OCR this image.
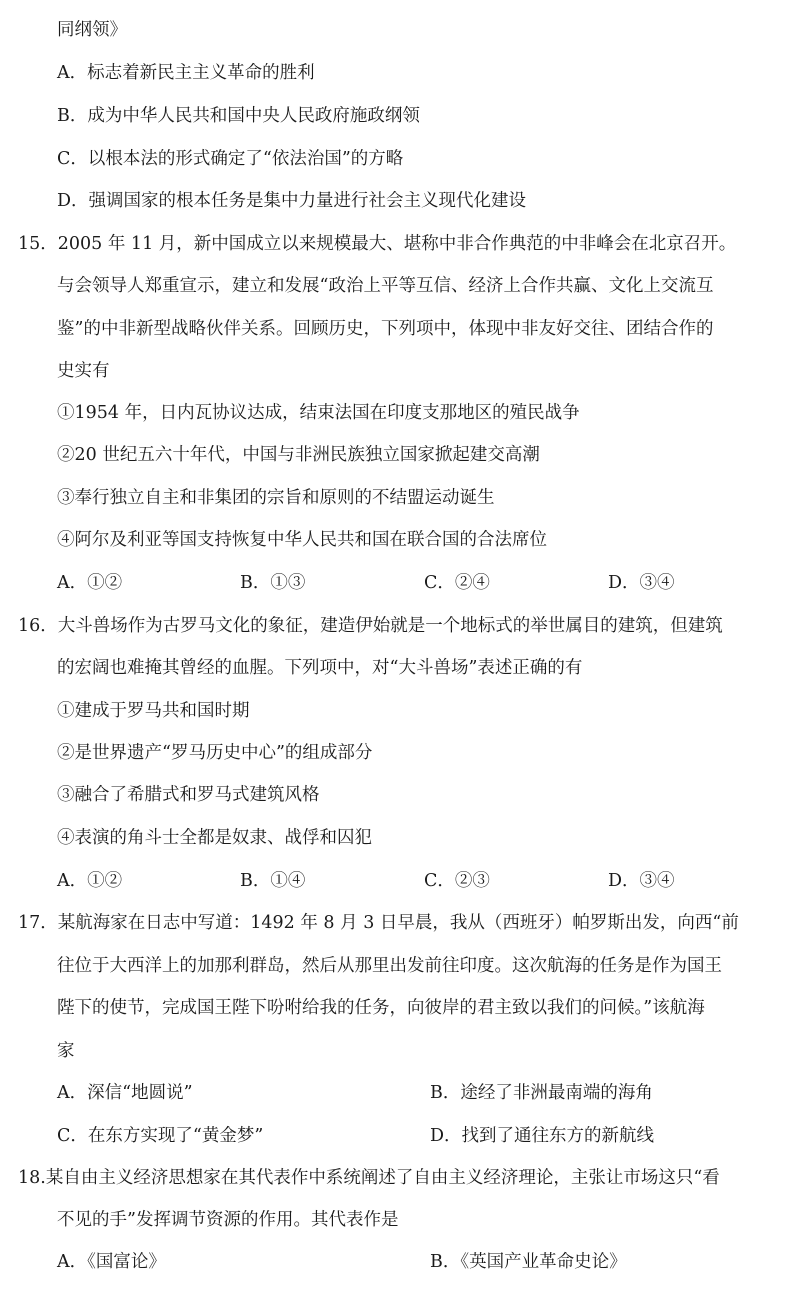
同纲领》
A．标志着新民主主义革命的胜利
B．成为中华人民共和国中央人民政府施政纲领
C．以根本法的形式确定了“依法治国”的方略
D．强调国家的根本任务是集中力量进行社会主义现代化建设
15．2005 年 11 月，新中国成立以来规模最大、堪称中非合作典范的中非峰会在北京召开。
与会领导人郑重宣示，建立和发展“政治上平等互信、经济上合作共赢、文化上交流互
鉴”的中非新型战略伙伴关系。回顾历史，下列项中，体现中非友好交往、团结合作的
史实有
①1954 年，日内瓦协议达成，结束法国在印度支那地区的殖民战争
②20 世纪五六十年代，中国与非洲民族独立国家掀起建交高潮
③奉行独立自主和非集团的宗旨和原则的不结盟运动诞生
④阿尔及利亚等国支持恢复中华人民共和国在联合国的合法席位
A．①②	B．①③	C．②④	D．③④
16．大斗兽场作为古罗马文化的象征，建造伊始就是一个地标式的举世属目的建筑，但建筑
的宏阔也难掩其曾经的血腥。下列项中，对“大斗兽场”表述正确的有
①建成于罗马共和国时期
②是世界遗产“罗马历史中心”的组成部分
③融合了希腊式和罗马式建筑风格
④表演的角斗士全都是奴隶、战俘和囚犯
A．①②	B．①④	C．②③	D．③④
17．某航海家在日志中写道：1492 年 8 月 3 日早晨，我从（西班牙）帕罗斯出发，向西“前
往位于大西洋上的加那利群岛，然后从那里出发前往印度。这次航海的任务是作为国王
陛下的使节，完成国王陛下吩咐给我的任务，向彼岸的君主致以我们的问候。”该航海
家
A．深信“地圆说”	B．途经了非洲最南端的海角
C．在东方实现了“黄金梦”	D．找到了通往东方的新航线
18.某自由主义经济思想家在其代表作中系统阐述了自由主义经济理论，主张让市场这只“看
不见的手”发挥调节资源的作用。其代表作是
A．《国富论》	B．《英国产业革命史论》
